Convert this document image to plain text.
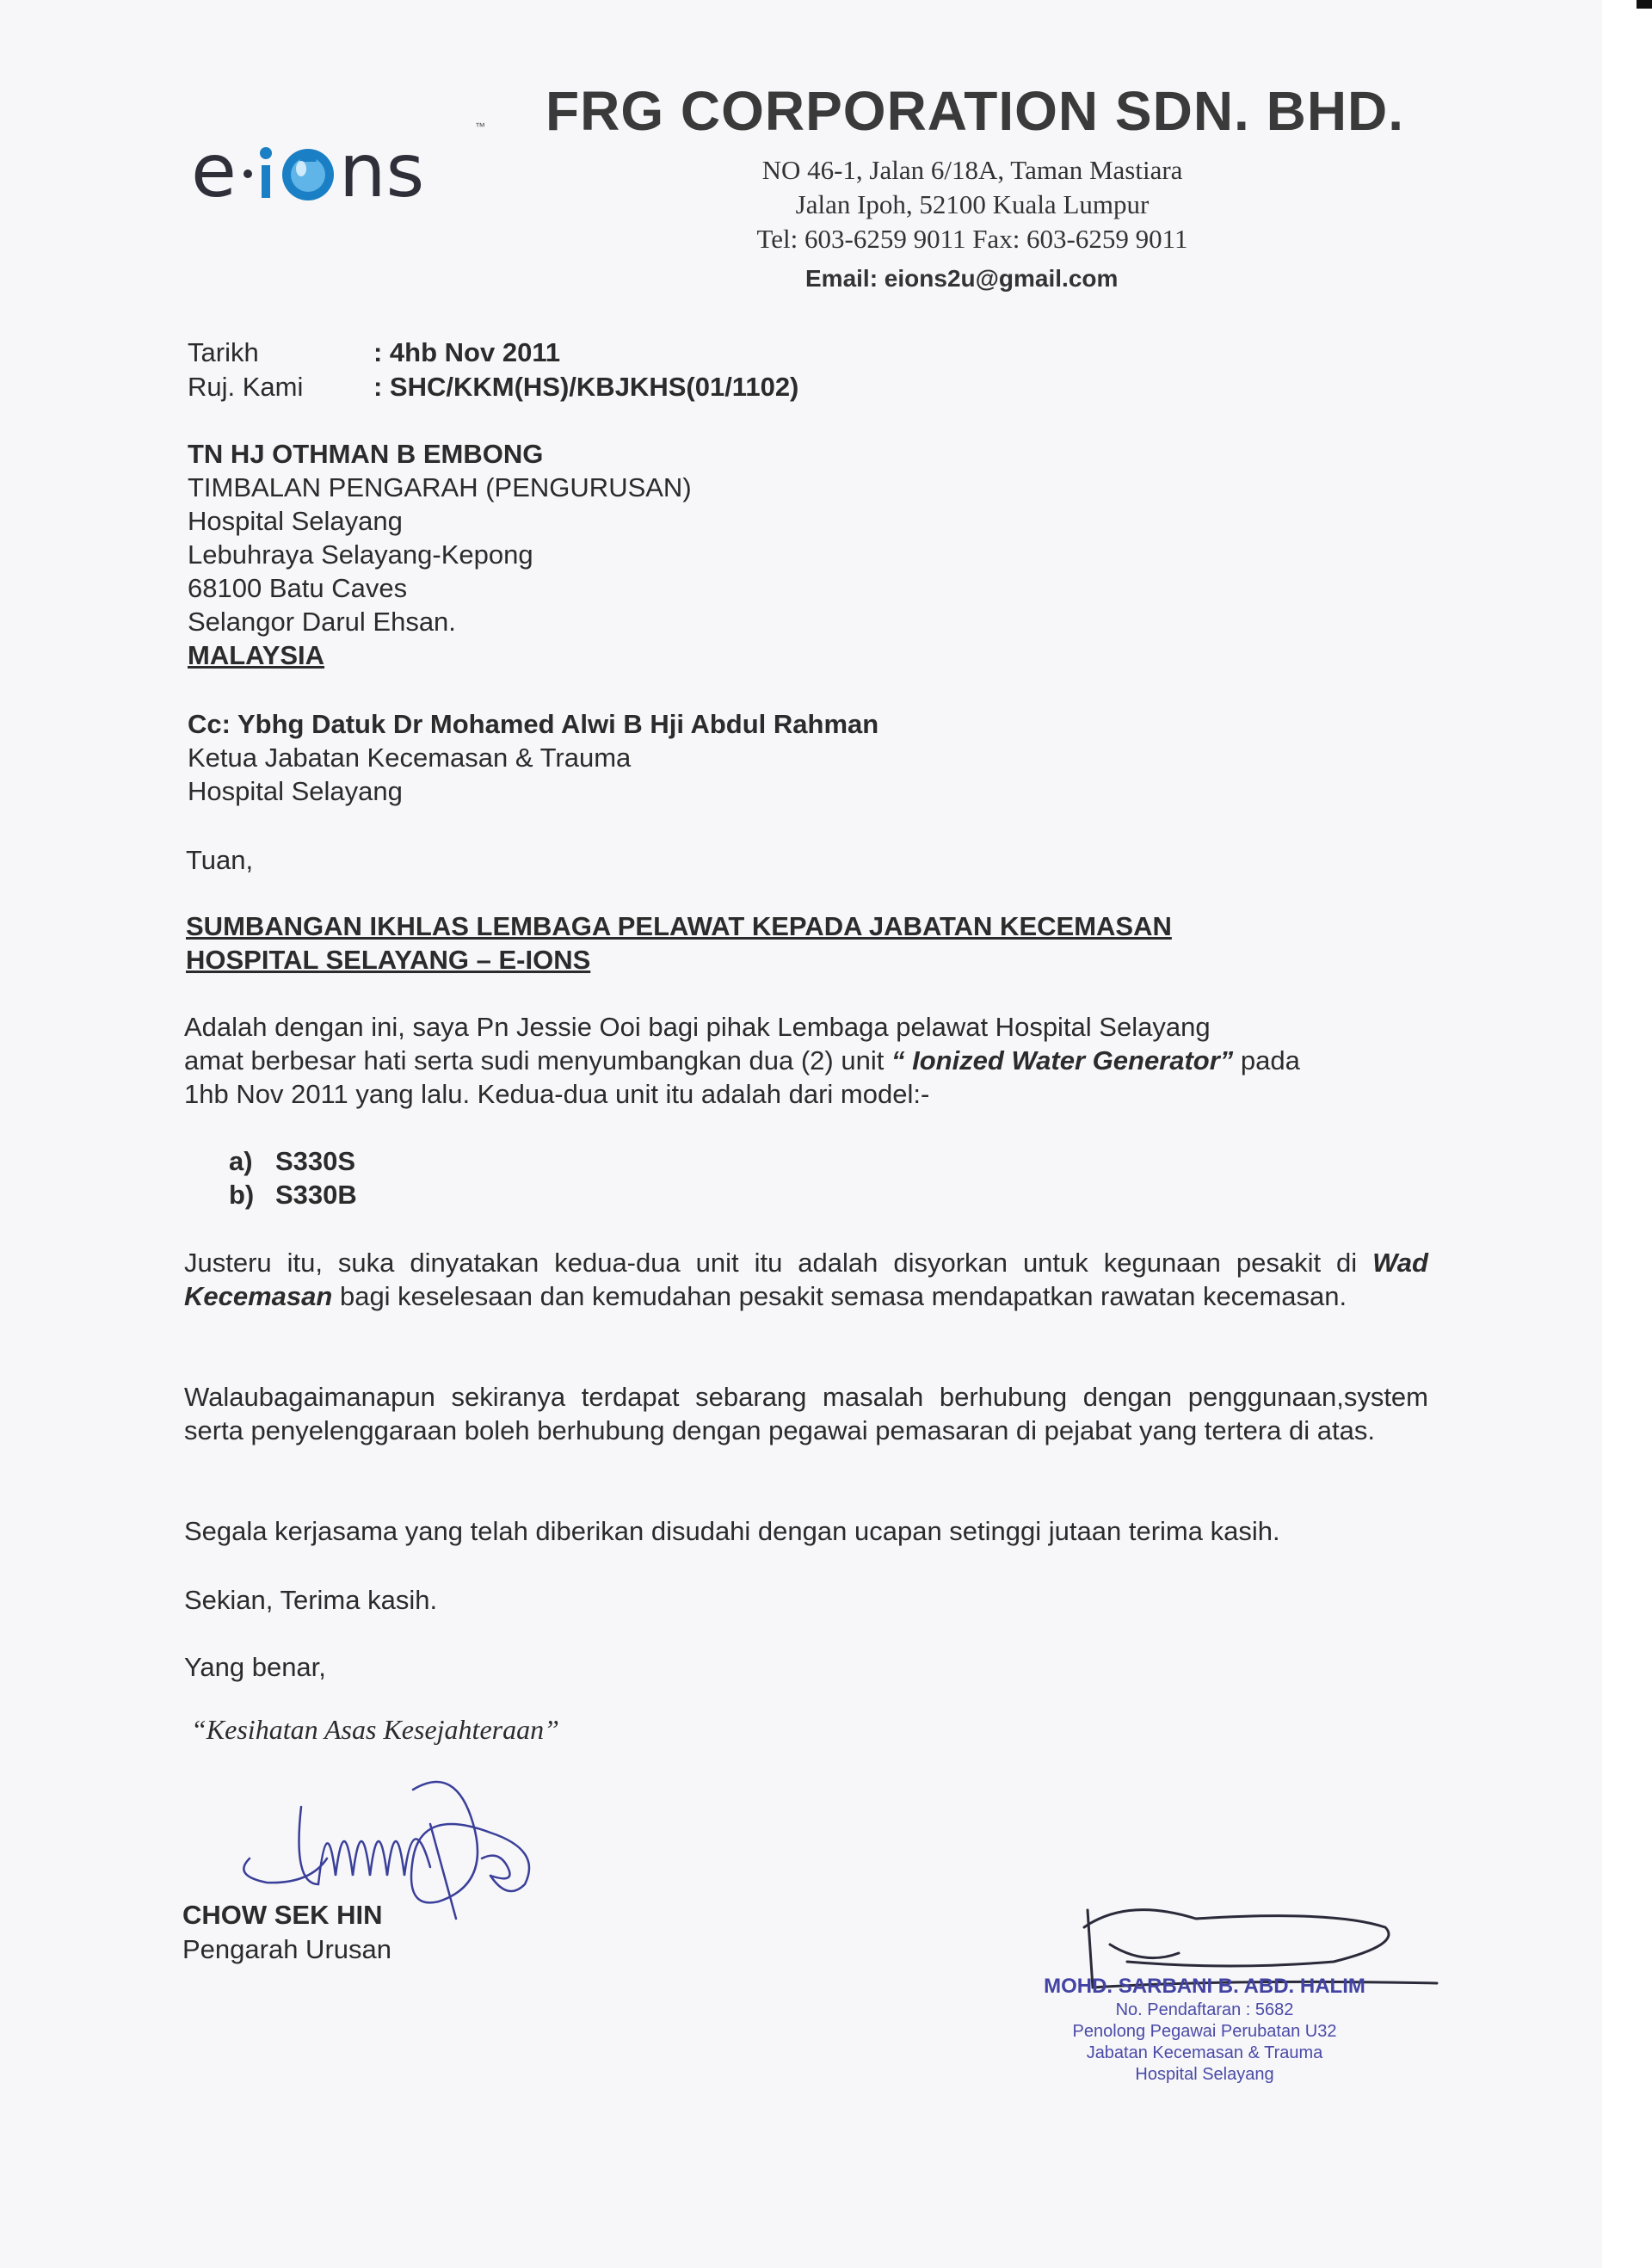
e ns
™ FRG CORPORATION SDN. BHD.
NO 46-1, Jalan 6/18A, Taman Mastiara
Jalan Ipoh, 52100 Kuala Lumpur
Tel: 603-6259 9011 Fax: 603-6259 9011
Email: eions2u@gmail.com
Tarikh	: 4hb Nov 2011
Ruj. Kami	: SHC/KKM(HS)/KBJKHS(01/1102)
TN HJ OTHMAN B EMBONG
TIMBALAN PENGARAH (PENGURUSAN)
Hospital Selayang
Lebuhraya Selayang-Kepong
68100 Batu Caves
Selangor Darul Ehsan.
MALAYSIA
Cc: Ybhg Datuk Dr Mohamed Alwi B Hji Abdul Rahman
Ketua Jabatan Kecemasan & Trauma
Hospital Selayang
Tuan,
SUMBANGAN IKHLAS LEMBAGA PELAWAT KEPADA JABATAN KECEMASAN
HOSPITAL SELAYANG – E-IONS
Adalah dengan ini, saya Pn Jessie Ooi bagi pihak Lembaga pelawat Hospital Selayang
amat berbesar hati serta sudi menyumbangkan dua (2) unit “ Ionized Water Generator” pada
1hb Nov 2011 yang lalu. Kedua-dua unit itu adalah dari model:-
a) S330S
b) S330B
Justeru itu, suka dinyatakan kedua-dua unit itu adalah disyorkan untuk kegunaan pesakit di Wad Kecemasan bagi keselesaan dan kemudahan pesakit semasa mendapatkan rawatan kecemasan.
Walaubagaimanapun sekiranya terdapat sebarang masalah berhubung dengan penggunaan,system serta penyelenggaraan boleh berhubung dengan pegawai pemasaran di pejabat yang tertera di atas.
Segala kerjasama yang telah diberikan disudahi dengan ucapan setinggi jutaan terima kasih.
Sekian, Terima kasih.
Yang benar,
“Kesihatan Asas Kesejahteraan”
CHOW SEK HIN
Pengarah Urusan
MOHD. SARBANI B. ABD. HALIM
No. Pendaftaran : 5682
Penolong Pegawai Perubatan U32
Jabatan Kecemasan & Trauma
Hospital Selayang
